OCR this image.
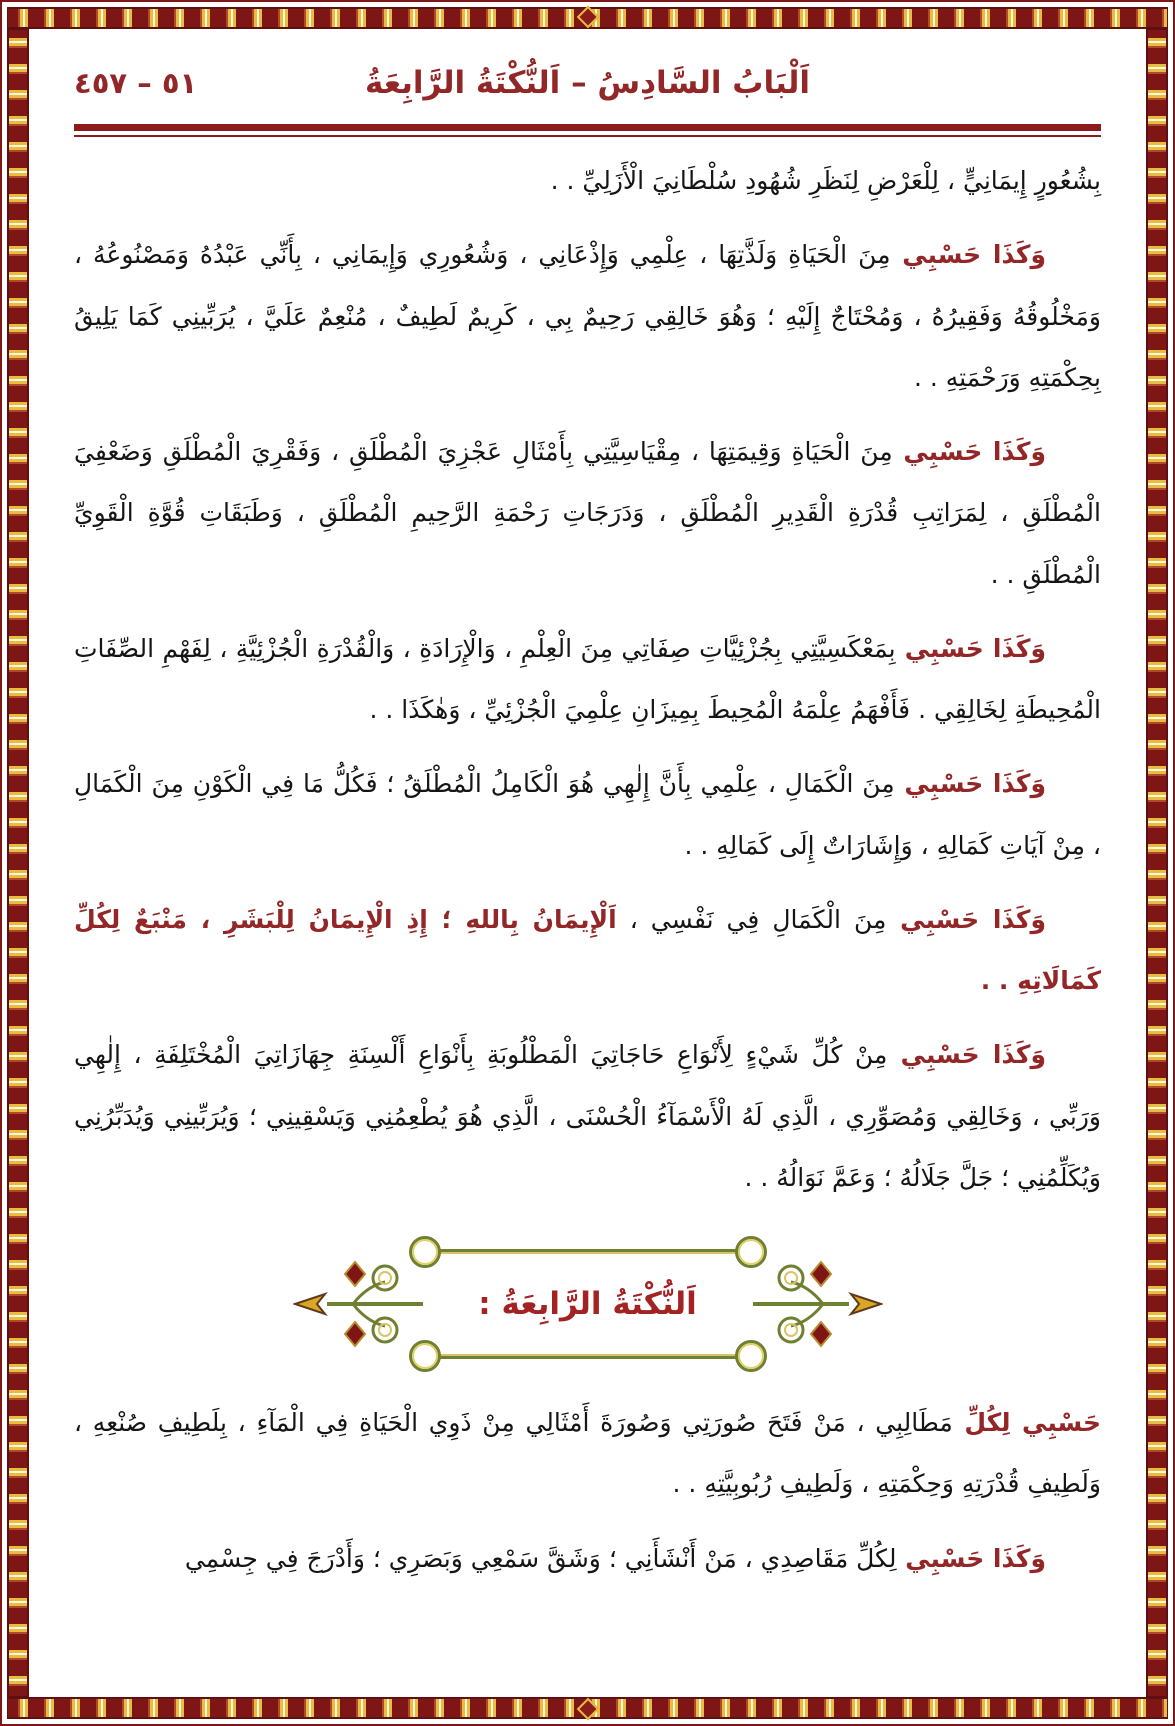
اَلْبَابُ السَّادِسُ – اَلنُّكْتَةُ الرَّابِعَةُ
٥١ – ٤٥٧

بِشُعُورٍ إِيمَانِيٍّ ، لِلْعَرْضِ لِنَظَرِ شُهُودِ سُلْطَانِيَ الْأَزَلِيِّ . .

وَكَذَا حَسْبِي مِنَ الْحَيَاةِ وَلَذَّتِهَا ، عِلْمِي وَإِذْعَانِي ، وَشُعُورِي وَإِيمَانِي ، بِأَنِّي عَبْدُهُ وَمَصْنُوعُهُ ، وَمَخْلُوقُهُ وَفَقِيرُهُ ، وَمُحْتَاجٌ إِلَيْهِ ؛ وَهُوَ خَالِقِي رَحِيمٌ بِي ، كَرِيمٌ لَطِيفٌ ، مُنْعِمٌ عَلَيَّ ، يُرَبِّينِي كَمَا يَلِيقُ بِحِكْمَتِهِ وَرَحْمَتِهِ . .

وَكَذَا حَسْبِي مِنَ الْحَيَاةِ وَقِيمَتِهَا ، مِقْيَاسِيَّتِي بِأَمْثَالِ عَجْزِيَ الْمُطْلَقِ ، وَفَقْرِيَ الْمُطْلَقِ وَضَعْفِيَ الْمُطْلَقِ ، لِمَرَاتِبِ قُدْرَةِ الْقَدِيرِ الْمُطْلَقِ ، وَدَرَجَاتِ رَحْمَةِ الرَّحِيمِ الْمُطْلَقِ ، وَطَبَقَاتِ قُوَّةِ الْقَوِيِّ الْمُطْلَقِ . .

وَكَذَا حَسْبِي بِمَعْكَسِيَّتِي بِجُزْئِيَّاتِ صِفَاتِي مِنَ الْعِلْمِ ، وَالْإِرَادَةِ ، وَالْقُدْرَةِ الْجُزْئِيَّةِ ، لِفَهْمِ الصِّفَاتِ الْمُحِيطَةِ لِخَالِقِي . فَأَفْهَمُ عِلْمَهُ الْمُحِيطَ بِمِيزَانِ عِلْمِيَ الْجُزْئِيِّ ، وَهٰكَذَا . .

وَكَذَا حَسْبِي مِنَ الْكَمَالِ ، عِلْمِي بِأَنَّ إِلٰهِي هُوَ الْكَامِلُ الْمُطْلَقُ ؛ فَكُلُّ مَا فِي الْكَوْنِ مِنَ الْكَمَالِ ، مِنْ آيَاتِ كَمَالِهِ ، وَإِشَارَاتٌ إِلَى كَمَالِهِ . .

وَكَذَا حَسْبِي مِنَ الْكَمَالِ فِي نَفْسِي ، اَلْإِيمَانُ بِاللهِ ؛ إِذِ الْإِيمَانُ لِلْبَشَرِ ، مَنْبَعٌ لِكُلِّ كَمَالَاتِهِ . .

وَكَذَا حَسْبِي مِنْ كُلِّ شَيْءٍ لِأَنْوَاعِ حَاجَاتِيَ الْمَطْلُوبَةِ بِأَنْوَاعِ أَلْسِنَةِ جِهَازَاتِيَ الْمُخْتَلِفَةِ ، إِلٰهِي وَرَبِّي ، وَخَالِقِي وَمُصَوِّرِي ، الَّذِي لَهُ الْأَسْمَآءُ الْحُسْنَى ، الَّذِي هُوَ يُطْعِمُنِي وَيَسْقِينِي ؛ وَيُرَبِّينِي وَيُدَبِّرُنِي وَيُكَلِّمُنِي ؛ جَلَّ جَلَالُهُ ؛ وَعَمَّ نَوَالُهُ . .

اَلنُّكْتَةُ الرَّابِعَةُ :

حَسْبِي لِكُلِّ مَطَالِبِي ، مَنْ فَتَحَ صُورَتِي وَصُورَةَ أَمْثَالِي مِنْ ذَوِي الْحَيَاةِ فِي الْمَآءِ ، بِلَطِيفِ صُنْعِهِ ، وَلَطِيفِ قُدْرَتِهِ وَحِكْمَتِهِ ، وَلَطِيفِ رُبُوبِيَّتِهِ . .

وَكَذَا حَسْبِي لِكُلِّ مَقَاصِدِي ، مَنْ أَنْشَأَنِي ؛ وَشَقَّ سَمْعِي وَبَصَرِي ؛ وَأَدْرَجَ فِي جِسْمِي
